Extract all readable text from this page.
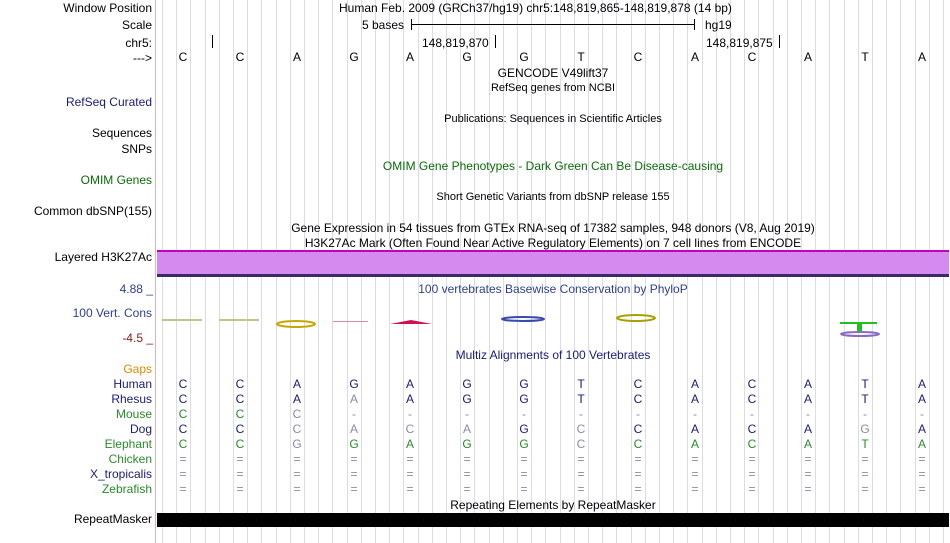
Window Position	Human Feb. 2009 (GRCh37/hg19) chr5:148,819,865-148,819,878 (14 bp)
Scale	5 bases	hg19
chr5:	148,819,870	148,819,875
--->	C	C	A	G	A	G	G	T	C	A	C	A	T	A
GENCODE V49lift37
RefSeq genes from NCBI
RefSeq Curated
Publications: Sequences in Scientific Articles
Sequences
SNPs
OMIM Gene Phenotypes - Dark Green Can Be Disease-causing
OMIM Genes
Short Genetic Variants from dbSNP release 155
Common dbSNP(155)
Gene Expression in 54 tissues from GTEx RNA-seq of 17382 samples, 948 donors (V8, Aug 2019)
H3K27Ac Mark (Often Found Near Active Regulatory Elements) on 7 cell lines from ENCODE
Layered H3K27Ac
100 vertebrates Basewise Conservation by PhyloP
4.88 _
100 Vert. Cons
-4.5 _
Multiz Alignments of 100 Vertebrates
Gaps
Human	C	C	A	G	A	G	G	T	C	A	C	A	T	A
Rhesus	C	C	A	A	A	G	G	T	C	A	C	A	T	A
Mouse	C	C	C	-	-	-	-	-	-	-	-	-	-	-
Dog	C	C	C	A	C	A	G	C	C	A	C	A	G	A
Elephant	C	C	G	G	A	G	G	C	C	A	C	A	T	A
Chicken	=	=	=	=	=	=	=	=	=	=	=	=	=	=
X_tropicalis	=	=	=	=	=	=	=	=	=	=	=	=	=	=
Zebrafish	=	=	=	=	=	=	=	=	=	=	=	=	=	=
Repeating Elements by RepeatMasker
RepeatMasker
